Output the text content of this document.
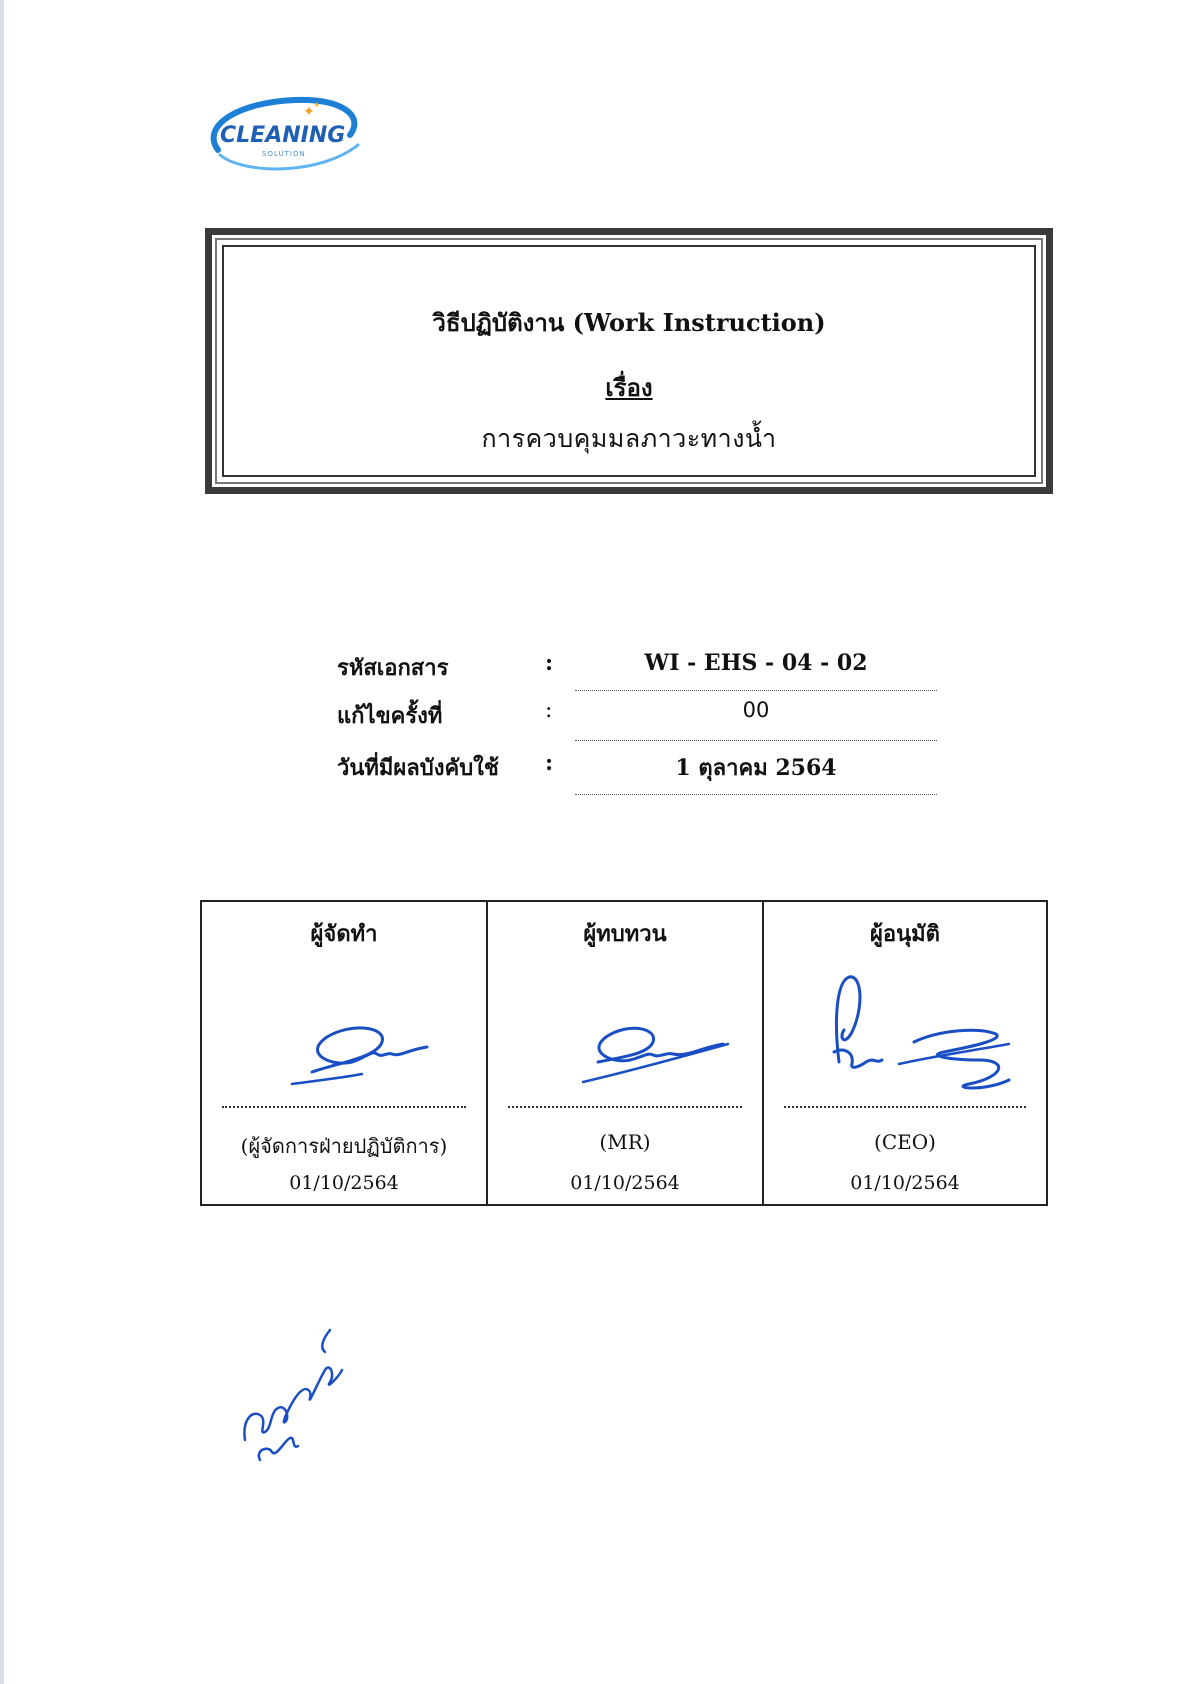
CLEANING
SOLUTION
✦
✦
วิธีปฏิบัติงาน (Work Instruction)
เรื่อง
การควบคุมมลภาวะทางน้ำ
รหัสเอกสาร	:	WI - EHS - 04 - 02
แก้ไขครั้งที่	:	00
วันที่มีผลบังคับใช้ :	1 ตุลาคม 2564
ผู้จัดทำ
(ผู้จัดการฝ่ายปฏิบัติการ)
01/10/2564
ผู้ทบทวน
(MR)
01/10/2564
ผู้อนุมัติ
(CEO)
01/10/2564
